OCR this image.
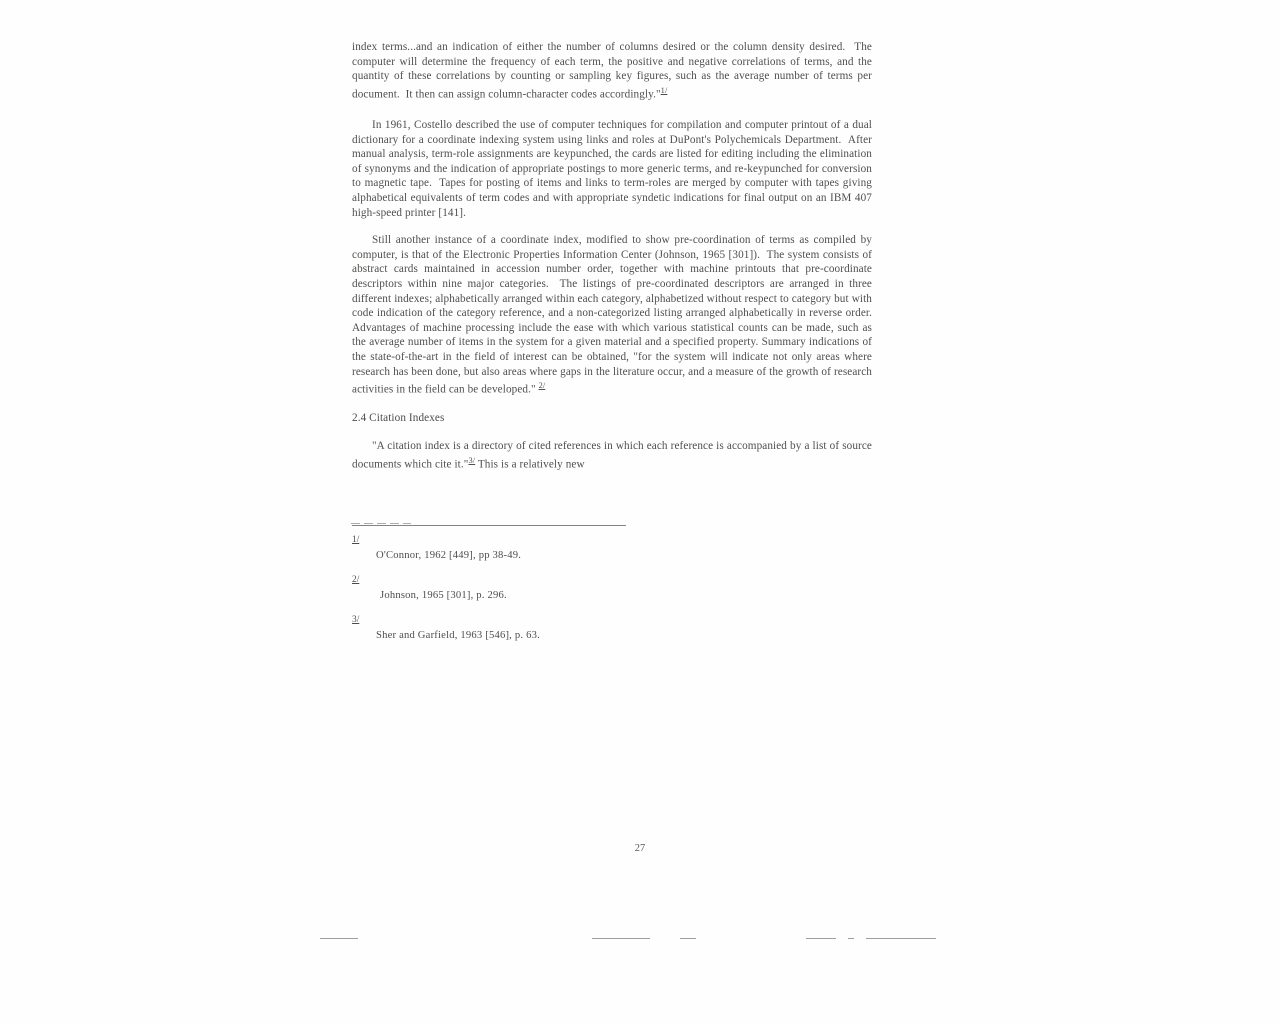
index terms...and an indication of either the number of columns desired or the column density desired.  The computer will determine the frequency of each term, the positive and negative correlations of terms, and the quantity of these correlations by counting or sampling key figures, such as the average number of terms per document.  It then can assign column-character codes accordingly."$^{1/}$
In 1961, Costello described the use of computer techniques for compilation and computer printout of a dual dictionary for a coordinate indexing system using links and roles at DuPont's Polychemicals Department.  After manual analysis, term-role assignments are keypunched, the cards are listed for editing including the elimination of synonyms and the indication of appropriate postings to more generic terms, and re-keypunched for conversion to magnetic tape.  Tapes for posting of items and links to term-roles are merged by computer with tapes giving alphabetical equivalents of term codes and with appropriate syndetic indications for final output on an IBM 407 high-speed printer [141].
Still another instance of a coordinate index, modified to show pre-coordination of terms as compiled by computer, is that of the Electronic Properties Information Center (Johnson, 1965 [301]).  The system consists of abstract cards maintained in accession number order, together with machine printouts that pre-coordinate descriptors within nine major categories.  The listings of pre-coordinated descriptors are arranged in three different indexes; alphabetically arranged within each category, alphabetized without respect to category but with code indication of the category reference, and a non-categorized listing arranged alphabetically in reverse order.  Advantages of machine processing include the ease with which various statistical counts can be made, such as the average number of items in the system for a given material and a specified property. Summary indications of the state-of-the-art in the field of interest can be obtained, "for the system will indicate not only areas where research has been done, but also areas where gaps in the literature occur, and a measure of the growth of research activities in the field can be developed." $^{2/}$
2.4 Citation Indexes
"A citation index is a directory of cited references in which each reference is accompanied by a list of source documents which cite it."$^{3/}$ This is a relatively new
1/
O'Connor, 1962 [449], pp 38-49.
2/
Johnson, 1965 [301], p. 296.
3/
Sher and Garfield, 1963 [546], p. 63.
27
